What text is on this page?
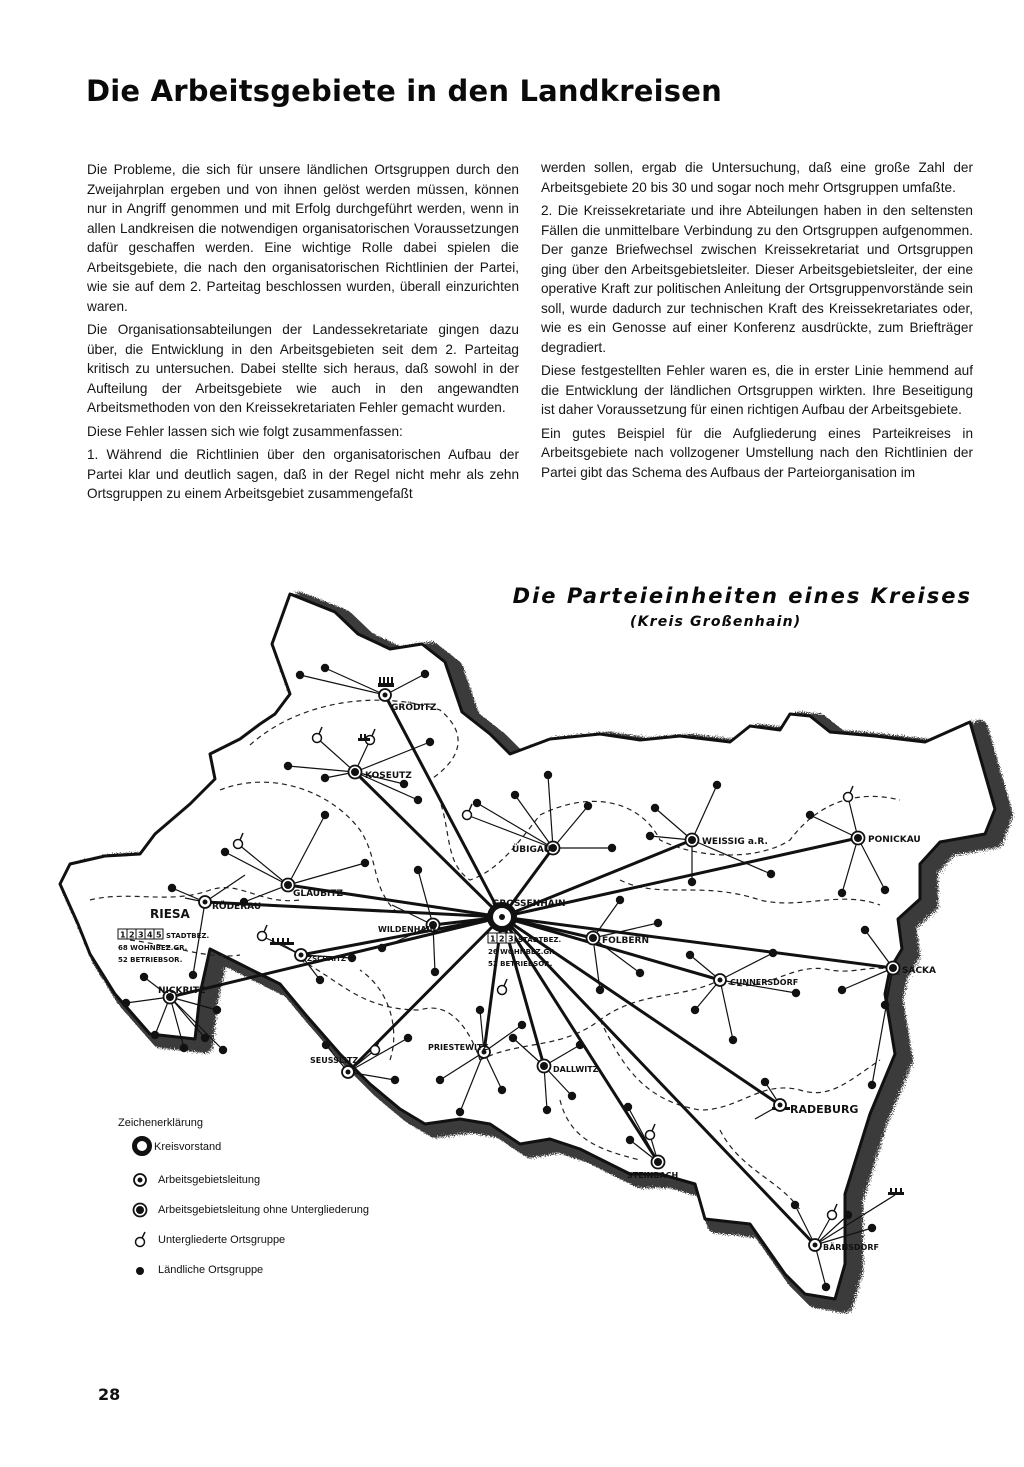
Die Arbeitsgebiete in den Landkreisen

Die Probleme, die sich für unsere ländlichen Ortsgruppen durch den Zweijahrplan ergeben und von ihnen gelöst werden müssen, können nur in Angriff genommen und mit Erfolg durchgeführt werden, wenn in allen Landkreisen die notwendigen organisatorischen Voraussetzungen dafür geschaffen werden. Eine wichtige Rolle dabei spielen die Arbeitsgebiete, die nach den organisatorischen Richtlinien der Partei, wie sie auf dem 2. Parteitag beschlossen wurden, überall einzurichten waren.

Die Organisationsabteilungen der Landessekretariate gingen dazu über, die Entwicklung in den Arbeitsgebieten seit dem 2. Parteitag kritisch zu untersuchen. Dabei stellte sich heraus, daß sowohl in der Aufteilung der Arbeitsgebiete wie auch in den angewandten Arbeitsmethoden von den Kreissekretariaten Fehler gemacht wurden.

Diese Fehler lassen sich wie folgt zusammenfassen:

1. Während die Richtlinien über den organisatorischen Aufbau der Partei klar und deutlich sagen, daß in der Regel nicht mehr als zehn Ortsgruppen zu einem Arbeitsgebiet zusammengefaßt

werden sollen, ergab die Untersuchung, daß eine große Zahl der Arbeitsgebiete 20 bis 30 und sogar noch mehr Ortsgruppen umfaßte.

2. Die Kreissekretariate und ihre Abteilungen haben in den seltensten Fällen die unmittelbare Verbindung zu den Ortsgruppen aufgenommen. Der ganze Briefwechsel zwischen Kreissekretariat und Ortsgruppen ging über den Arbeitsgebietsleiter. Dieser Arbeitsgebietsleiter, der eine operative Kraft zur politischen Anleitung der Ortsgruppenvorstände sein soll, wurde dadurch zur technischen Kraft des Kreissekretariates oder, wie es ein Genosse auf einer Konferenz ausdrückte, zum Briefträger degradiert.

Diese festgestellten Fehler waren es, die in erster Linie hemmend auf die Entwicklung der ländlichen Ortsgruppen wirkten. Ihre Beseitigung ist daher Voraussetzung für einen richtigen Aufbau der Arbeitsgebiete.

Ein gutes Beispiel für die Aufgliederung eines Parteikreises in Arbeitsgebiete nach vollzogener Umstellung nach den Richtlinien der Partei gibt das Schema des Aufbaus der Parteiorganisation im

GRÖDITZ
KOSEUTZ
ÜBIGAU
WEISSIG a.R.	PONICKAU
GLAUBITZ
RÖDERAU
RIESA
WILDENHAIN
GROSSENHAIN
FOLBERN
ZSCHAITZ
NICKRITZ
CUNNERSDORF
SACKA
PRIESTEWITZ
SEUSSLITZ
DALLWITZ
RADEBURG
STEINBACH
BÄRNSDORF
1 2 3 4 5 STADTBEZ.
68 WOHNBEZ.GR.
52 BETRIEBSOR.
1 2 3 STADTBEZ.
26 WOHNBEZ.GR.
52 BETRIEBSOR.
Die Parteieinheiten eines Kreises
(Kreis Großenhain)
Zeichenerklärung
Kreisvorstand
Arbeitsgebietsleitung
Arbeitsgebietsleitung ohne Untergliederung
Untergliederte Ortsgruppe
Ländliche Ortsgruppe
28
